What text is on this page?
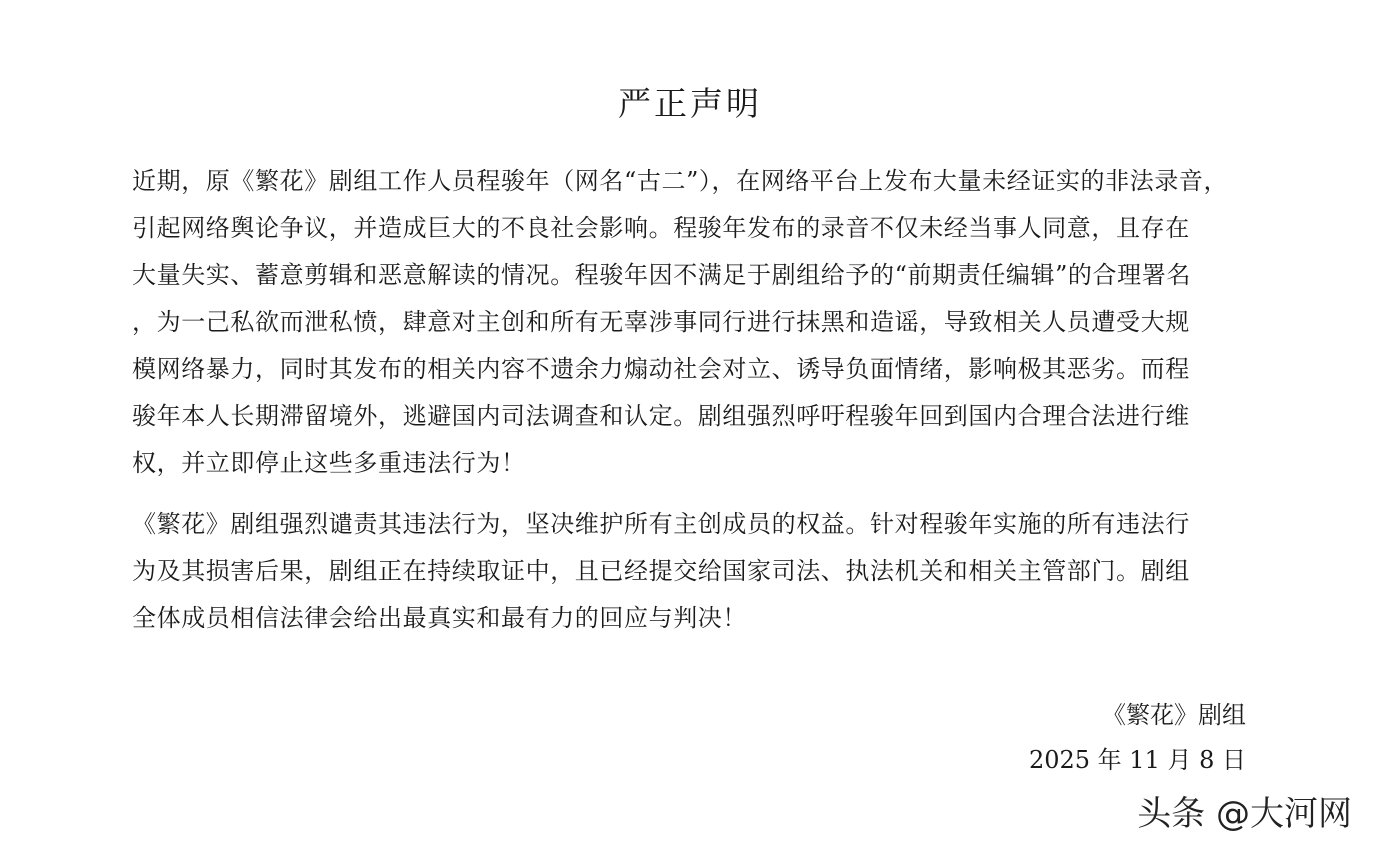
严正声明
近期，原《繁花》剧组工作人员程骏年（网名“古二”），在网络平台上发布大量未经证实的非法录音，
引起网络舆论争议，并造成巨大的不良社会影响。程骏年发布的录音不仅未经当事人同意，且存在
大量失实、蓄意剪辑和恶意解读的情况。程骏年因不满足于剧组给予的“前期责任编辑”的合理署名
，为一己私欲而泄私愤，肆意对主创和所有无辜涉事同行进行抹黑和造谣，导致相关人员遭受大规
模网络暴力，同时其发布的相关内容不遗余力煽动社会对立、诱导负面情绪，影响极其恶劣。而程
骏年本人长期滞留境外，逃避国内司法调查和认定。剧组强烈呼吁程骏年回到国内合理合法进行维
权，并立即停止这些多重违法行为！
《繁花》剧组强烈谴责其违法行为，坚决维护所有主创成员的权益。针对程骏年实施的所有违法行
为及其损害后果，剧组正在持续取证中，且已经提交给国家司法、执法机关和相关主管部门。剧组
全体成员相信法律会给出最真实和最有力的回应与判决！
《繁花》剧组
2025 年 11 月 8 日
头条 @大河网
